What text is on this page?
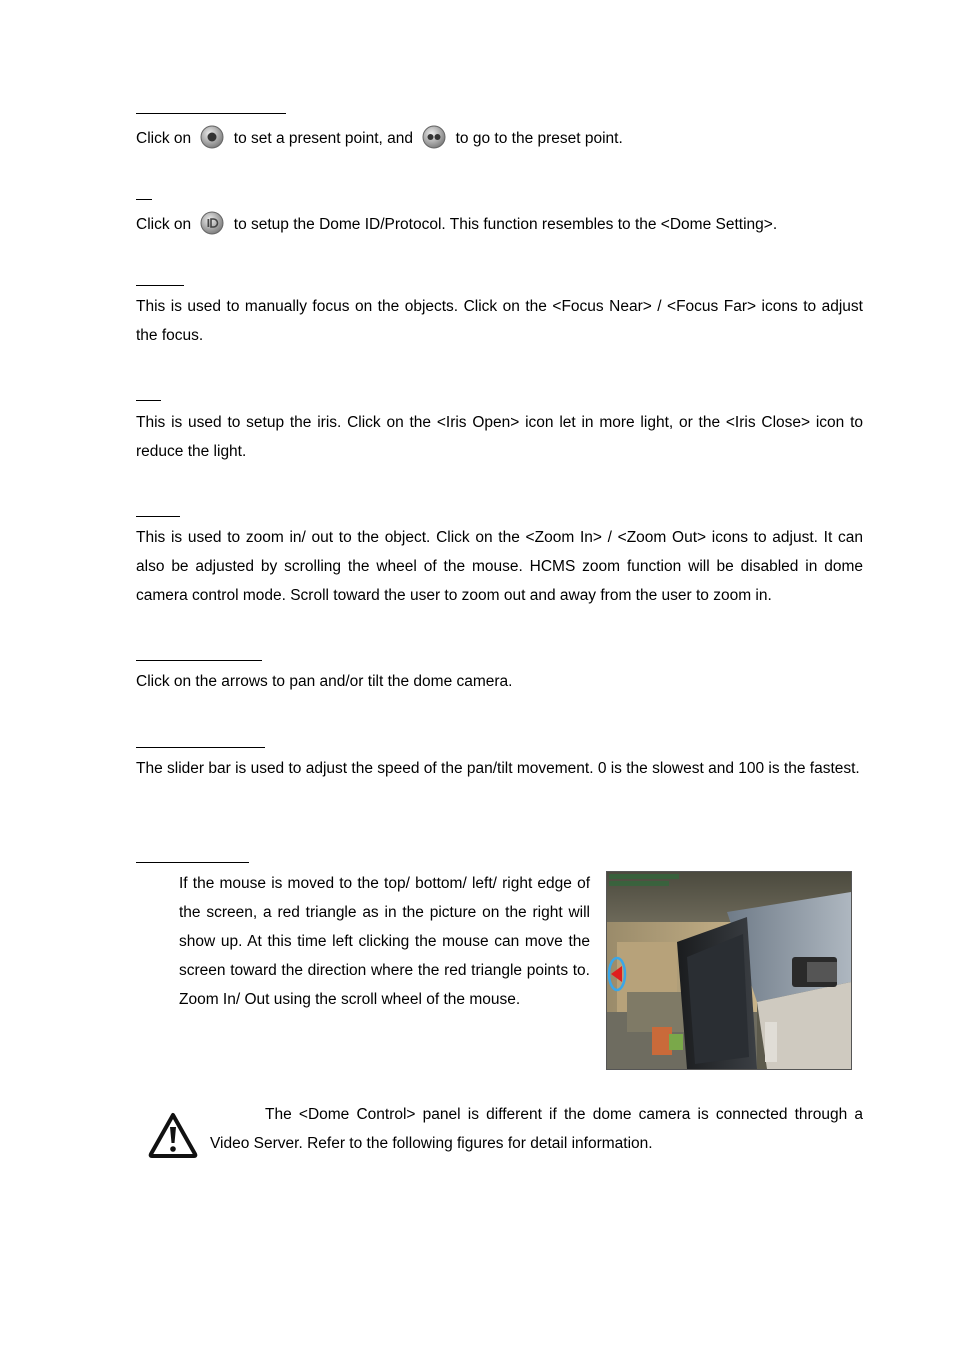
Click on	to set a present point, and	to go to the preset point.
Click on	to setup the Dome ID/Protocol. This function resembles to the <Dome Setting>.

This is used to manually focus on the objects. Click on the <Focus Near> / <Focus Far> icons to adjust the focus.

This is used to setup the iris. Click on the <Iris Open> icon let in more light, or the <Iris Close> icon to reduce the light.

This is used to zoom in/ out to the object. Click on the <Zoom In> / <Zoom Out> icons to adjust. It can also be adjusted by scrolling the wheel of the mouse. HCMS zoom function will be disabled in dome camera control mode. Scroll toward the user to zoom out and away from the user to zoom in.

Click on the arrows to pan and/or tilt the dome camera.

The slider bar is used to adjust the speed of the pan/tilt movement. 0 is the slowest and 100 is the fastest.

If the mouse is moved to the top/ bottom/ left/ right edge of the screen, a red triangle as in the picture on the right will show up. At this time left clicking the mouse can move the screen toward the direction where the red triangle points to. Zoom In/ Out using the scroll wheel of the mouse.

The <Dome Control> panel is different if the dome camera is connected through a Video Server. Refer to the following figures for detail information.
